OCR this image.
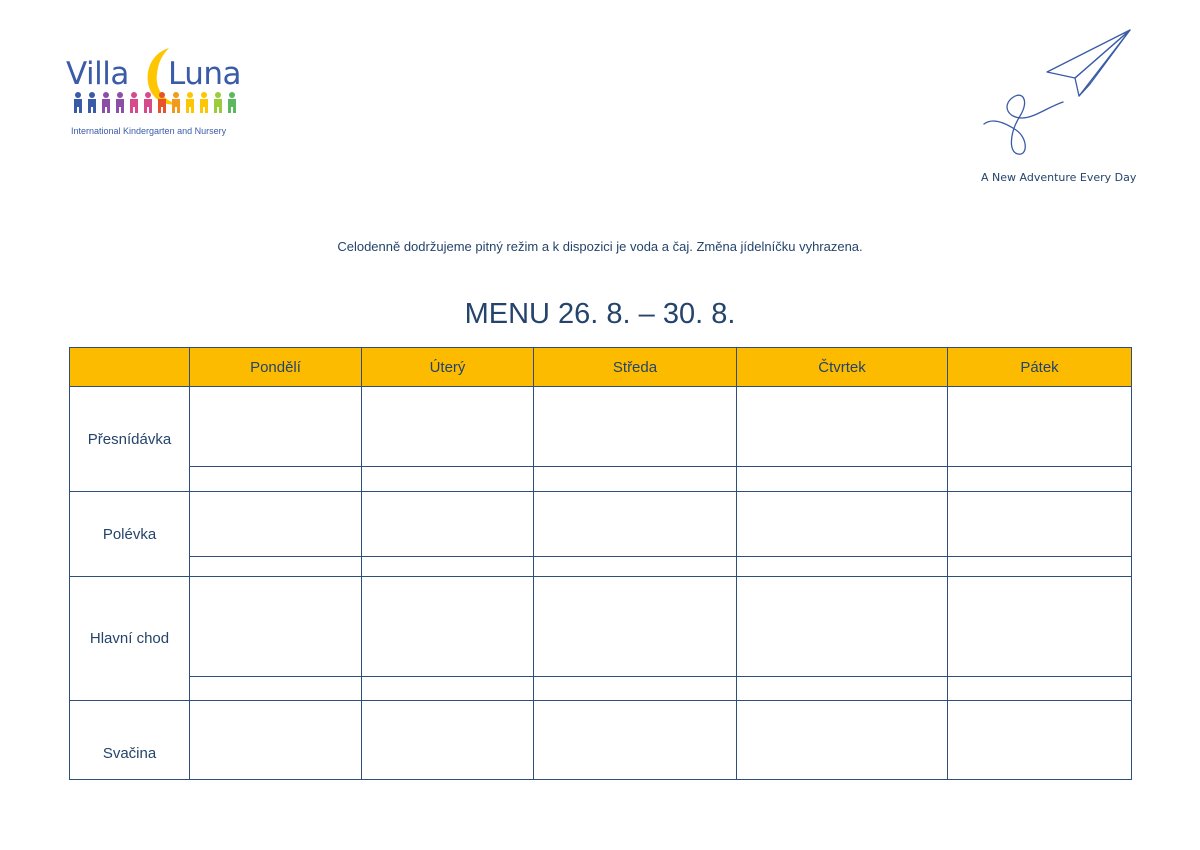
Villa Luna
International Kindergarten and Nursery
A New Adventure Every Day
Celodenně dodržujeme pitný režim a k dispozici je voda a čaj. Změna jídelníčku vyhrazena.
MENU 26. 8. – 30. 8.
	Pondělí	Úterý	Středa	Čtvrtek	Pátek
Přesnídávka					

Polévka					

Hlavní chod					

Svačina					
